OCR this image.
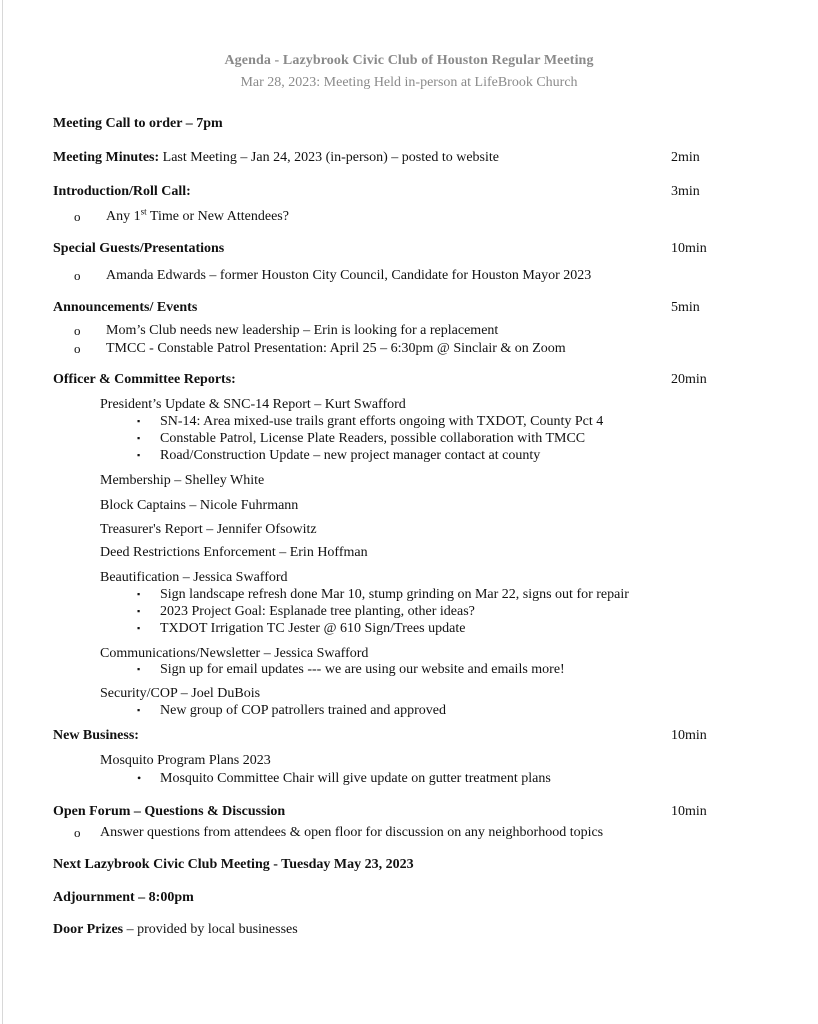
Agenda - Lazybrook Civic Club of Houston Regular Meeting
Mar 28, 2023: Meeting Held in-person at LifeBrook Church
Meeting Call to order – 7pm
Meeting Minutes: Last Meeting – Jan 24, 2023 (in-person) – posted to website	2min
Introduction/Roll Call:	3min
o Any 1st Time or New Attendees?
Special Guests/Presentations	10min
o Amanda Edwards – former Houston City Council, Candidate for Houston Mayor 2023
Announcements/ Events	5min
o Mom’s Club needs new leadership – Erin is looking for a replacement
o TMCC - Constable Patrol Presentation: April 25 – 6:30pm @ Sinclair & on Zoom
Officer & Committee Reports:	20min
President’s Update & SNC-14 Report – Kurt Swafford
▪ SN-14: Area mixed-use trails grant efforts ongoing with TXDOT, County Pct 4
▪ Constable Patrol, License Plate Readers, possible collaboration with TMCC
▪ Road/Construction Update – new project manager contact at county
Membership – Shelley White
Block Captains – Nicole Fuhrmann
Treasurer's Report – Jennifer Ofsowitz
Deed Restrictions Enforcement – Erin Hoffman
Beautification – Jessica Swafford
▪ Sign landscape refresh done Mar 10, stump grinding on Mar 22, signs out for repair
▪ 2023 Project Goal: Esplanade tree planting, other ideas?
▪ TXDOT Irrigation TC Jester @ 610 Sign/Trees update
Communications/Newsletter – Jessica Swafford
▪ Sign up for email updates --- we are using our website and emails more!
Security/COP – Joel DuBois
▪ New group of COP patrollers trained and approved
New Business:	10min
Mosquito Program Plans 2023
• Mosquito Committee Chair will give update on gutter treatment plans
Open Forum – Questions & Discussion	10min
o Answer questions from attendees & open floor for discussion on any neighborhood topics
Next Lazybrook Civic Club Meeting - Tuesday May 23, 2023
Adjournment – 8:00pm
Door Prizes – provided by local businesses
